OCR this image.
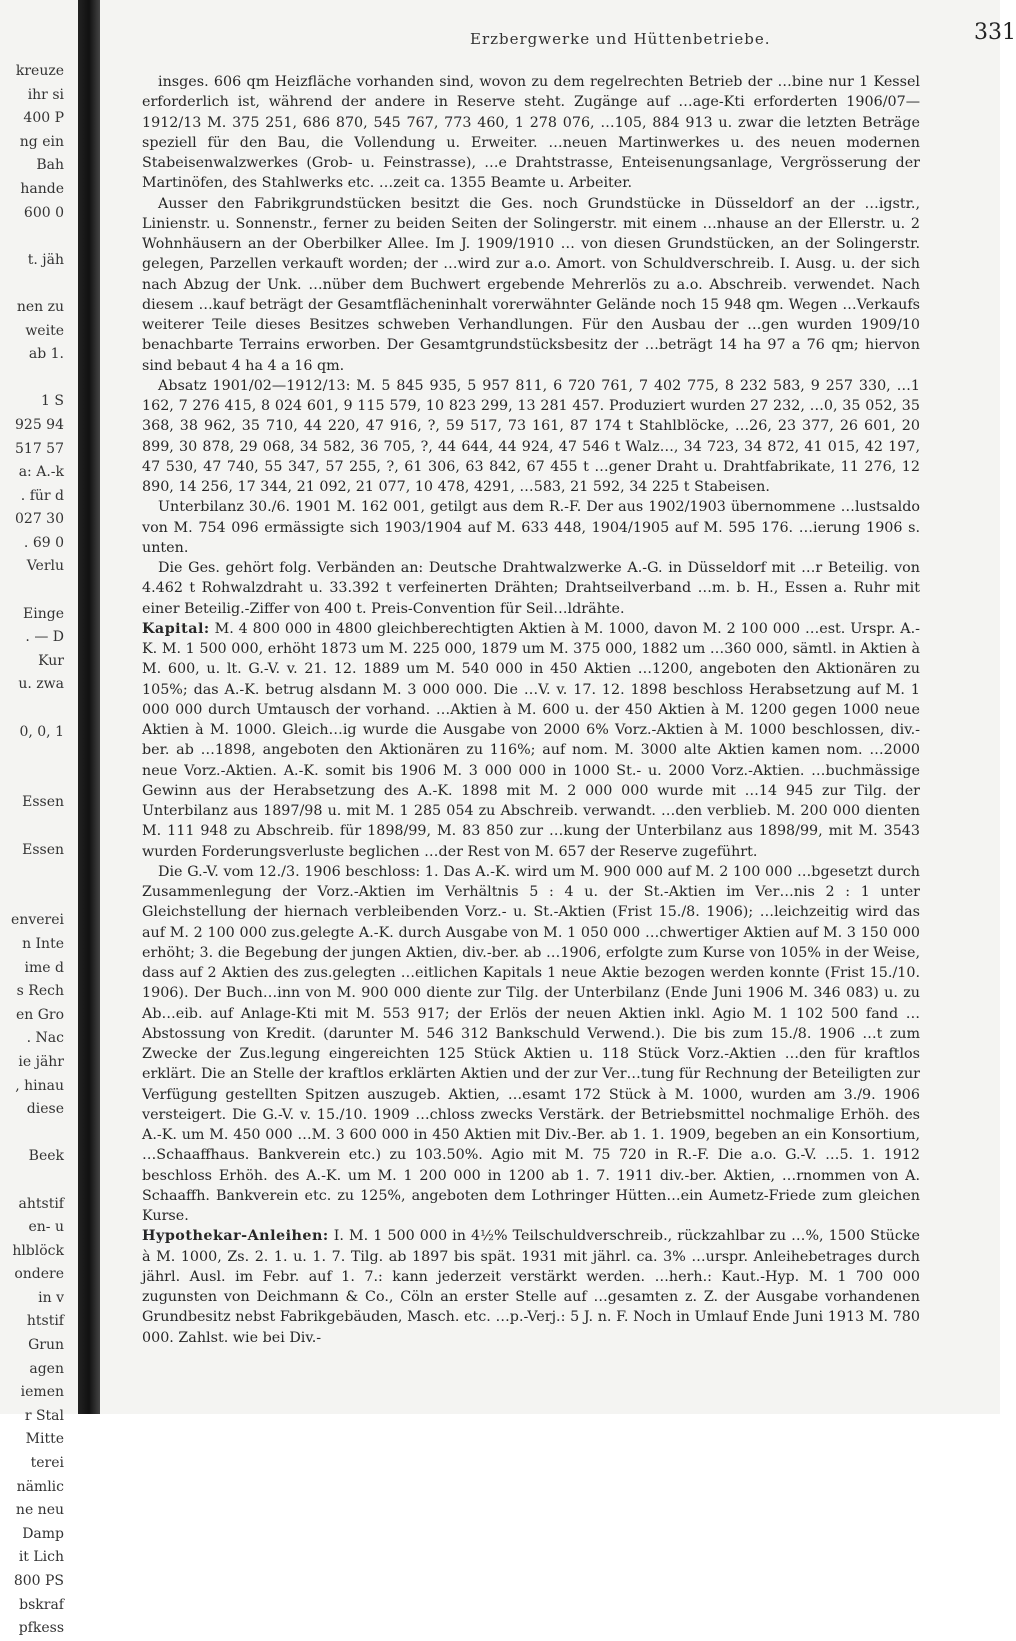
kreuze
ihr si
400 P
ng ein
Bah
hande
600 0
t. jäh
nen zu
weite
ab 1.
1 S
925 94
517 57
a: A.-k
. für d
027 30
. 69 0
Verlu
Einge
. — D
Kur
u. zwa
0, 0, 1
Essen
Essen
enverei
n Inte
ime d
s Rech
en Gro
. Nac
ie jähr
, hinau
diese
Beek
ahtstif
en- u
hlblöck
ondere
in v
htstif
Grun
agen
iemen
r Stal
Mitte
terei
nämlic
ne neu
Damp
it Lich
800 PS
bskraf
pfkess
Erzbergwerke und Hüttenbetriebe.	331

insges. 606 qm Heizfläche vorhanden sind, wovon zu dem regelrechten Betrieb der …bine nur 1 Kessel erforderlich ist, während der andere in Reserve steht. Zugänge auf …age-Kti erforderten 1906/07—1912/13 M. 375 251, 686 870, 545 767, 773 460, 1 278 076, …105, 884 913 u. zwar die letzten Beträge speziell für den Bau, die Vollendung u. Erweiter. …neuen Martinwerkes u. des neuen modernen Stabeisenwalzwerkes (Grob- u. Feinstrasse), …e Drahtstrasse, Enteisenungsanlage, Vergrösserung der Martinöfen, des Stahlwerks etc. …zeit ca. 1355 Beamte u. Arbeiter.

Ausser den Fabrikgrundstücken besitzt die Ges. noch Grundstücke in Düsseldorf an der …igstr., Linienstr. u. Sonnenstr., ferner zu beiden Seiten der Solingerstr. mit einem …nhause an der Ellerstr. u. 2 Wohnhäusern an der Oberbilker Allee. Im J. 1909/1910 … von diesen Grundstücken, an der Solingerstr. gelegen, Parzellen verkauft worden; der …wird zur a.o. Amort. von Schuldverschreib. I. Ausg. u. der sich nach Abzug der Unk. …nüber dem Buchwert ergebende Mehrerlös zu a.o. Abschreib. verwendet. Nach diesem …kauf beträgt der Gesamtflächeninhalt vorerwähnter Gelände noch 15 948 qm. Wegen …Verkaufs weiterer Teile dieses Besitzes schweben Verhandlungen. Für den Ausbau der …gen wurden 1909/10 benachbarte Terrains erworben. Der Gesamtgrundstücksbesitz der …beträgt 14 ha 97 a 76 qm; hiervon sind bebaut 4 ha 4 a 16 qm.

Absatz 1901/02—1912/13: M. 5 845 935, 5 957 811, 6 720 761, 7 402 775, 8 232 583, 9 257 330, …1 162, 7 276 415, 8 024 601, 9 115 579, 10 823 299, 13 281 457. Produziert wurden 27 232, …0, 35 052, 35 368, 38 962, 35 710, 44 220, 47 916, ?, 59 517, 73 161, 87 174 t Stahlblöcke, …26, 23 377, 26 601, 20 899, 30 878, 29 068, 34 582, 36 705, ?, 44 644, 44 924, 47 546 t Walz…, 34 723, 34 872, 41 015, 42 197, 47 530, 47 740, 55 347, 57 255, ?, 61 306, 63 842, 67 455 t …gener Draht u. Drahtfabrikate, 11 276, 12 890, 14 256, 17 344, 21 092, 21 077, 10 478, 4291, …583, 21 592, 34 225 t Stabeisen.

Unterbilanz 30./6. 1901 M. 162 001, getilgt aus dem R.-F. Der aus 1902/1903 übernommene …lustsaldo von M. 754 096 ermässigte sich 1903/1904 auf M. 633 448, 1904/1905 auf M. 595 176. …ierung 1906 s. unten.

Die Ges. gehört folg. Verbänden an: Deutsche Drahtwalzwerke A.-G. in Düsseldorf mit …r Beteilig. von 4.462 t Rohwalzdraht u. 33.392 t verfeinerten Drähten; Drahtseilverband …m. b. H., Essen a. Ruhr mit einer Beteilig.-Ziffer von 400 t. Preis-Convention für Seil…ldrähte.

Kapital: M. 4 800 000 in 4800 gleichberechtigten Aktien à M. 1000, davon M. 2 100 000 …est. Urspr. A.-K. M. 1 500 000, erhöht 1873 um M. 225 000, 1879 um M. 375 000, 1882 um …360 000, sämtl. in Aktien à M. 600, u. lt. G.-V. v. 21. 12. 1889 um M. 540 000 in 450 Aktien …1200, angeboten den Aktionären zu 105%; das A.-K. betrug alsdann M. 3 000 000. Die …V. v. 17. 12. 1898 beschloss Herabsetzung auf M. 1 000 000 durch Umtausch der vorhand. …Aktien à M. 600 u. der 450 Aktien à M. 1200 gegen 1000 neue Aktien à M. 1000. Gleich…ig wurde die Ausgabe von 2000 6% Vorz.-Aktien à M. 1000 beschlossen, div.-ber. ab …1898, angeboten den Aktionären zu 116%; auf nom. M. 3000 alte Aktien kamen nom. …2000 neue Vorz.-Aktien. A.-K. somit bis 1906 M. 3 000 000 in 1000 St.- u. 2000 Vorz.-Aktien. …buchmässige Gewinn aus der Herabsetzung des A.-K. 1898 mit M. 2 000 000 wurde mit …14 945 zur Tilg. der Unterbilanz aus 1897/98 u. mit M. 1 285 054 zu Abschreib. verwandt. …den verblieb. M. 200 000 dienten M. 111 948 zu Abschreib. für 1898/99, M. 83 850 zur …kung der Unterbilanz aus 1898/99, mit M. 3543 wurden Forderungsverluste beglichen …der Rest von M. 657 der Reserve zugeführt.

Die G.-V. vom 12./3. 1906 beschloss: 1. Das A.-K. wird um M. 900 000 auf M. 2 100 000 …bgesetzt durch Zusammenlegung der Vorz.-Aktien im Verhältnis 5 : 4 u. der St.-Aktien im Ver…nis 2 : 1 unter Gleichstellung der hiernach verbleibenden Vorz.- u. St.-Aktien (Frist 15./8. 1906); …leichzeitig wird das auf M. 2 100 000 zus.gelegte A.-K. durch Ausgabe von M. 1 050 000 …chwertiger Aktien auf M. 3 150 000 erhöht; 3. die Begebung der jungen Aktien, div.-ber. ab …1906, erfolgte zum Kurse von 105% in der Weise, dass auf 2 Aktien des zus.gelegten …eitlichen Kapitals 1 neue Aktie bezogen werden konnte (Frist 15./10. 1906). Der Buch…inn von M. 900 000 diente zur Tilg. der Unterbilanz (Ende Juni 1906 M. 346 083) u. zu Ab…eib. auf Anlage-Kti mit M. 553 917; der Erlös der neuen Aktien inkl. Agio M. 1 102 500 fand …Abstossung von Kredit. (darunter M. 546 312 Bankschuld Verwend.). Die bis zum 15./8. 1906 …t zum Zwecke der Zus.legung eingereichten 125 Stück Aktien u. 118 Stück Vorz.-Aktien …den für kraftlos erklärt. Die an Stelle der kraftlos erklärten Aktien und der zur Ver…tung für Rechnung der Beteiligten zur Verfügung gestellten Spitzen auszugeb. Aktien, …esamt 172 Stück à M. 1000, wurden am 3./9. 1906 versteigert. Die G.-V. v. 15./10. 1909 …chloss zwecks Verstärk. der Betriebsmittel nochmalige Erhöh. des A.-K. um M. 450 000 …M. 3 600 000 in 450 Aktien mit Div.-Ber. ab 1. 1. 1909, begeben an ein Konsortium, …Schaaffhaus. Bankverein etc.) zu 103.50%. Agio mit M. 75 720 in R.-F. Die a.o. G.-V. …5. 1. 1912 beschloss Erhöh. des A.-K. um M. 1 200 000 in 1200 ab 1. 7. 1911 div.-ber. Aktien, …rnommen von A. Schaaffh. Bankverein etc. zu 125%, angeboten dem Lothringer Hütten…ein Aumetz-Friede zum gleichen Kurse.

Hypothekar-Anleihen: I. M. 1 500 000 in 4½% Teilschuldverschreib., rückzahlbar zu …%, 1500 Stücke à M. 1000, Zs. 2. 1. u. 1. 7. Tilg. ab 1897 bis spät. 1931 mit jährl. ca. 3% …urspr. Anleihebetrages durch jährl. Ausl. im Febr. auf 1. 7.: kann jederzeit verstärkt werden. …herh.: Kaut.-Hyp. M. 1 700 000 zugunsten von Deichmann & Co., Cöln an erster Stelle auf …gesamten z. Z. der Ausgabe vorhandenen Grundbesitz nebst Fabrikgebäuden, Masch. etc. …p.-Verj.: 5 J. n. F. Noch in Umlauf Ende Juni 1913 M. 780 000. Zahlst. wie bei Div.-
